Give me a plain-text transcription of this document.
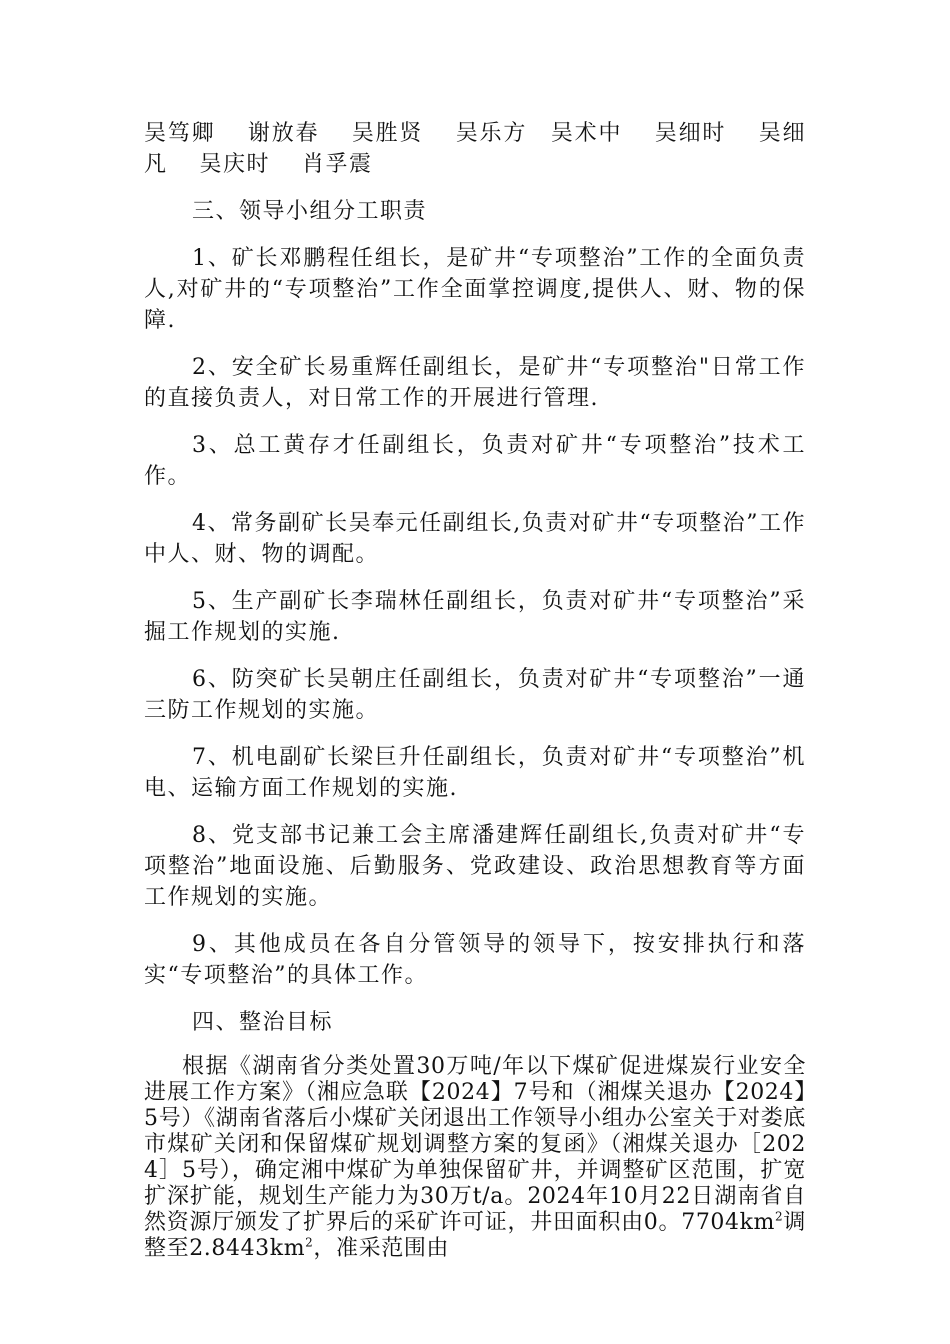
吴笃卿　 谢放春　 吴胜贤　 吴乐方　吴术中　 吴细时　 吴细凡　 吴庆时　 肖孚震

三、领导小组分工职责

1、矿长邓鹏程任组长，是矿井“专项整治”工作的全面负责人,对矿井的“专项整治”工作全面掌控调度,提供人、财、物的保障.

2、安全矿长易重辉任副组长，是矿井“专项整治"日常工作的直接负责人，对日常工作的开展进行管理.

3、总工黄存才任副组长，负责对矿井“专项整治”技术工作。

4、常务副矿长吴奉元任副组长,负责对矿井“专项整治”工作中人、财、物的调配。

5、生产副矿长李瑞林任副组长，负责对矿井“专项整治”采掘工作规划的实施.

6、防突矿长吴朝庄任副组长，负责对矿井“专项整治”一通三防工作规划的实施。

7、机电副矿长梁巨升任副组长，负责对矿井“专项整治”机电、运输方面工作规划的实施.

8、党支部书记兼工会主席潘建辉任副组长,负责对矿井“专项整治”地面设施、后勤服务、党政建设、政治思想教育等方面工作规划的实施。

9、其他成员在各自分管领导的领导下，按安排执行和落实“专项整治”的具体工作。

四、整治目标

根据《湖南省分类处置30万吨/年以下煤矿促进煤炭行业安全进展工作方案》（湘应急联【2024】7号和（湘煤关退办【2024】5号）《湖南省落后小煤矿关闭退出工作领导小组办公室关于对娄底市煤矿关闭和保留煤矿规划调整方案的复函》（湘煤关退办［2024］5号），确定湘中煤矿为单独保留矿井，并调整矿区范围，扩宽扩深扩能，规划生产能力为30万t/a。2024年10月22日湖南省自然资源厅颁发了扩界后的采矿许可证，井田面积由0。$7704km^2$调整至$2.8443km^2$，准采范围由
